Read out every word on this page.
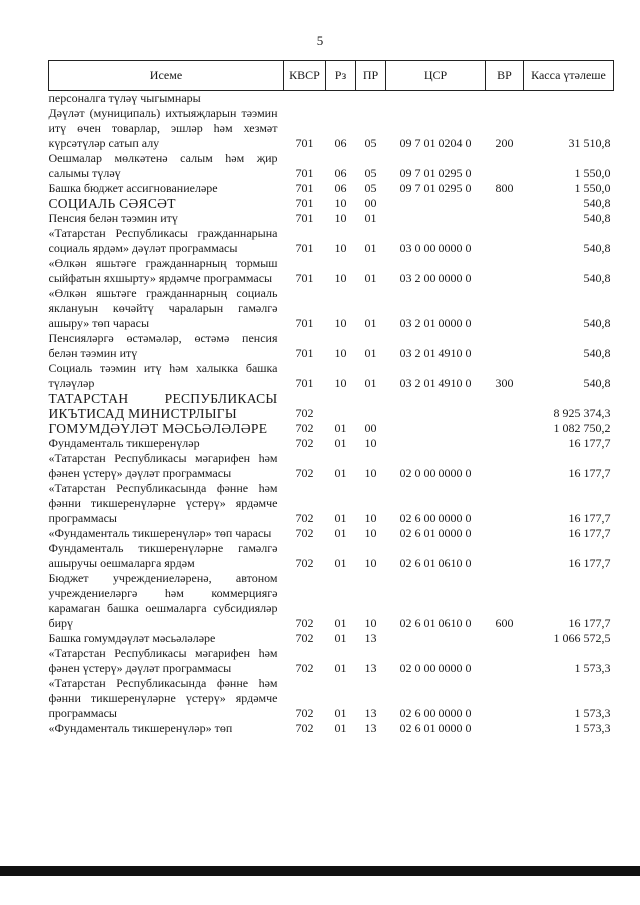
5
Исеме	КВСР	Рз	ПР	ЦСР	ВР	Касса үтәлеше
персоналга түләү чыгымнары						
Дәүләт (муниципаль) ихтыяҗларын тәэмин итү өчен товарлар, эшләр һәм хезмәт күрсәтүләр сатып алу	701	06	05	09 7 01 0204 0	200	31 510,8
Оешмалар мөлкәтенә салым һәм җир салымы түләү	701	06	05	09 7 01 0295 0		1 550,0
Башка бюджет ассигнованиеләре	701	06	05	09 7 01 0295 0	800	1 550,0
СОЦИАЛЬ СӘЯСӘТ	701	10	00			540,8
Пенсия белән тәэмин итү	701	10	01			540,8
«Татарстан Республикасы гражданнарына социаль ярдәм» дәүләт программасы	701	10	01	03 0 00 0000 0		540,8
«Өлкән яшьтәге гражданнарның тормыш сыйфатын яхшырту» ярдәмче программасы	701	10	01	03 2 00 0000 0		540,8
«Өлкән яшьтәге гражданнарның социаль яклануын көчәйтү чараларын гамәлгә ашыру» төп чарасы	701	10	01	03 2 01 0000 0		540,8
Пенсияләргә өстәмәләр, өстәмә пенсия белән тәэмин итү	701	10	01	03 2 01 4910 0		540,8
Социаль тәэмин итү һәм халыкка башка түләүләр	701	10	01	03 2 01 4910 0	300	540,8
ТАТАРСТАН РЕСПУБЛИКАСЫ ИКЪТИСАД МИНИСТРЛЫГЫ	702					8 925 374,3
ГОМУМДӘҮЛӘТ МӘСЬӘЛӘЛӘРЕ	702	01	00			1 082 750,2
Фундаменталь тикшеренүләр	702	01	10			16 177,7
«Татарстан Республикасы мәгарифен һәм фәнен үстерү» дәүләт программасы	702	01	10	02 0 00 0000 0		16 177,7
«Татарстан Республикасында фәнне һәм фәнни тикшеренүләрне үстерү» ярдәмче программасы	702	01	10	02 6 00 0000 0		16 177,7
«Фундаменталь тикшеренүләр» төп чарасы	702	01	10	02 6 01 0000 0		16 177,7
Фундаменталь тикшеренүләрне гамәлгә ашыручы оешмаларга ярдәм	702	01	10	02 6 01 0610 0		16 177,7
Бюджет учреждениеләренә, автоном учреждениеләргә һәм коммерциягә карамаган башка оешмаларга субсидияләр бирү	702	01	10	02 6 01 0610 0	600	16 177,7
Башка гомумдәүләт мәсьәләләре	702	01	13			1 066 572,5
«Татарстан Республикасы мәгарифен һәм фәнен үстерү» дәүләт программасы	702	01	13	02 0 00 0000 0		1 573,3
«Татарстан Республикасында фәнне һәм фәнни тикшеренүләрне үстерү» ярдәмче программасы	702	01	13	02 6 00 0000 0		1 573,3
«Фундаменталь тикшеренүләр» төп	702	01	13	02 6 01 0000 0		1 573,3
